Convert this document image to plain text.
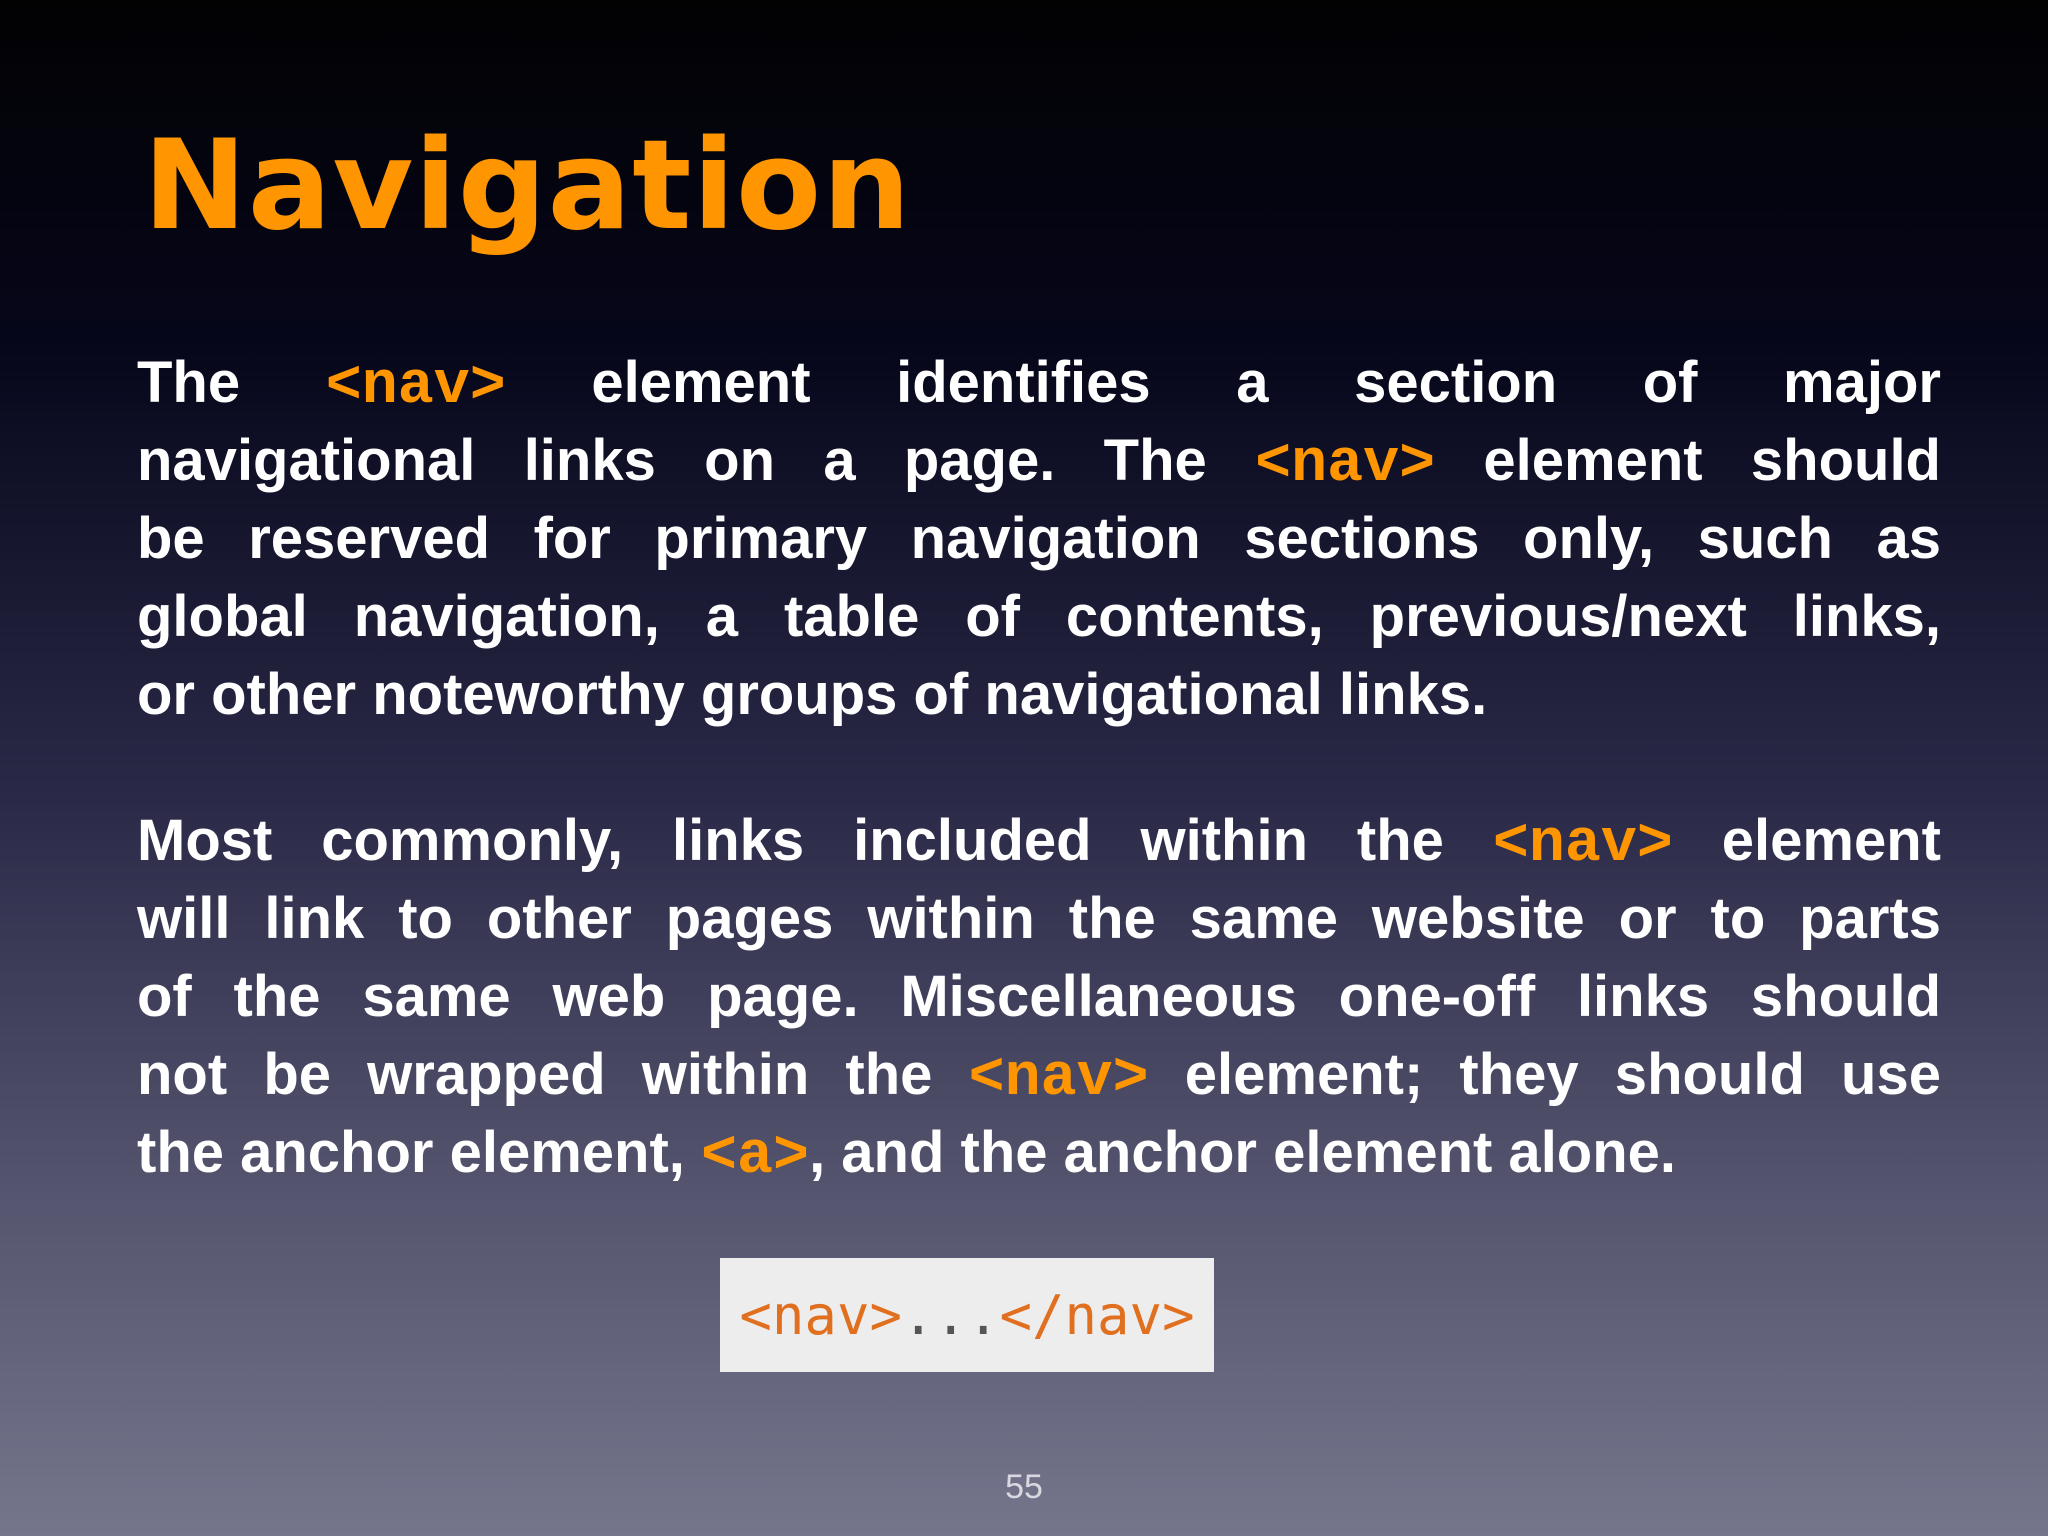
Navigation
The <nav> element identifies a section of major
navigational links on a page. The <nav> element should
be reserved for primary navigation sections only, such as
global navigation, a table of contents, previous/next links,
or other noteworthy groups of navigational links.
Most commonly, links included within the <nav> element
will link to other pages within the same website or to parts
of the same web page. Miscellaneous one-off links should
not be wrapped within the <nav> element; they should use
the anchor element, <a>, and the anchor element alone.
<nav> ... </nav>
55
